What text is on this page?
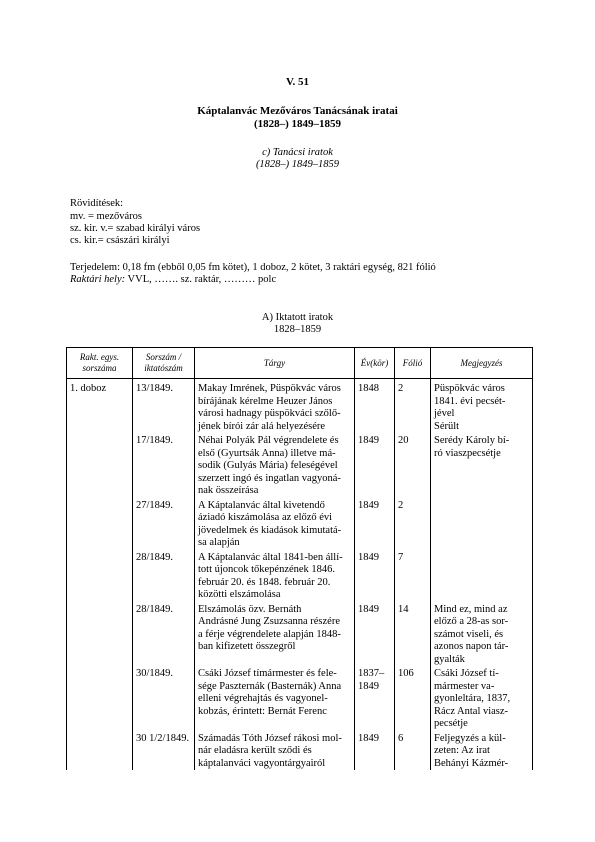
V. 51
Káptalanvác Mezőváros Tanácsának iratai
(1828–) 1849–1859
c) Tanácsi iratok
(1828–) 1849–1859
Rövidítések:
mv. = mezőváros
sz. kir. v.= szabad királyi város
cs. kir.= császári királyi
Terjedelem: 0,18 fm (ebből 0,05 fm kötet), 1 doboz, 2 kötet, 3 raktári egység, 821 fólió
Raktári hely: VVL, ……. sz. raktár, ……… polc
A) Iktatott iratok
1828–1859
Rakt. egys. sorszáma	Sorszám / iktatószám	Tárgy	Év(kör)	Fólió	Megjegyzés
1. doboz	13/1849.	Makay Imrének, Püspökvác város
bírájának kérelme Heuzer János
városi hadnagy püspökváci szőlő-
jének bírói zár alá helyezésére	1848	2	Püspökvác város
1841. évi pecsét-
jével
Sérült
	17/1849.	Néhai Polyák Pál végrendelete és
első (Gyurtsák Anna) illetve má-
sodik (Gulyás Mária) feleségével
szerzett ingó és ingatlan vagyoná-
nak összeírása	1849	20	Serédy Károly bí-
ró viaszpecsétje
	27/1849.	A Káptalanvác által kivetendő
áziadó kiszámolása az előző évi
jövedelmek és kiadások kimutatá-
sa alapján	1849	2	
	28/1849.	A Káptalanvác által 1841-ben állí-
tott újoncok tőkepénzének 1846.
február 20. és 1848. február 20.
közötti elszámolása	1849	7	
	28/1849.	Elszámolás özv. Bernáth
Andrásné Jung Zsuzsanna részére
a férje végrendelete alapján 1848-
ban kifizetett összegről	1849	14	Mind ez, mind az
előző a 28-as sor-
számot viseli, és
azonos napon tár-
gyalták
	30/1849.	Csáki József tímármester és fele-
sége Paszternák (Basternák) Anna
elleni végrehajtás és vagyonel-
kobzás, érintett: Bernát Ferenc	1837–
1849	106	Csáki József tí-
mármester va-
gyonleltára, 1837,
Rácz Antal viasz-
pecsétje
	30 1/2/1849.	Számadás Tóth József rákosi mol-
nár eladásra került sződi és
káptalanváci vagyontárgyairól	1849	6	Feljegyzés a kül-
zeten: Az irat
Behányi Kázmér-
